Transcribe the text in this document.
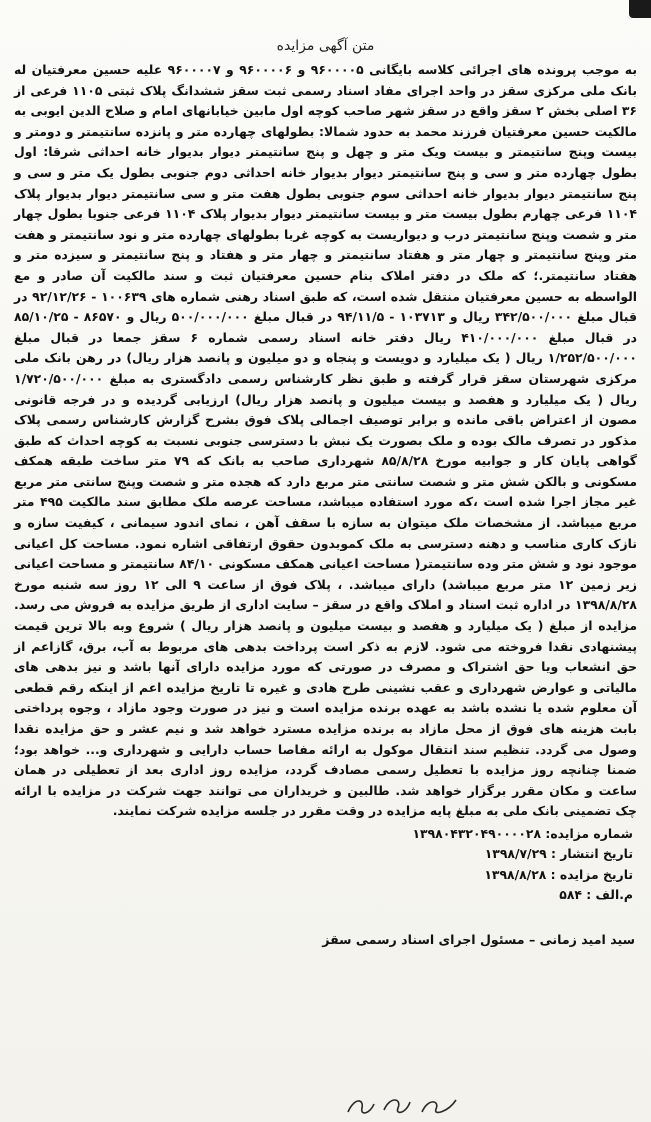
متن آگهی مزایده

به موجب پرونده های اجرائی کلاسه بایگانی ۹۶۰۰۰۰۵ و ۹۶۰۰۰۰۶ و ۹۶۰۰۰۰۷ علیه حسین معرفتیان له بانک ملی مرکزی سقز در واحد اجرای مفاد اسناد رسمی ثبت سقز ششدانگ پلاک ثبتی ۱۱۰۵ فرعی از ۳۶ اصلی بخش ۲ سقز واقع در سقز شهر صاحب کوچه اول مابین خیابانهای امام و صلاح الدین ایوبی به مالکیت حسین معرفتیان فرزند محمد به حدود شمالا: بطولهای چهارده متر و پانزده سانتیمتر و دومتر و بیست وپنج سانتیمتر و بیست ویک متر و چهل و پنج سانتیمتر دیوار بدیوار خانه احداثی شرقا: اول بطول چهارده متر و سی و پنج سانتیمتر دیوار بدیوار خانه احداثی دوم جنوبی بطول یک متر و سی و پنج سانتیمتر دیوار بدیوار خانه احداثی سوم جنوبی بطول هفت متر و سی سانتیمتر دیوار بدیوار پلاک ۱۱۰۴ فرعی چهارم بطول بیست متر و بیست سانتیمتر دیوار بدیوار پلاک ۱۱۰۴ فرعی جنوبا بطول چهار متر و شصت وپنج سانتیمتر درب و دیواریست به کوچه غربا بطولهای چهارده متر و نود سانتیمتر و هفت متر وپنج سانتیمتر و چهار متر و هفتاد سانتیمتر و چهار متر و هفتاد و پنج سانتیمتر و سیزده متر و هفتاد سانتیمتر.؛ که ملک در دفتر املاک بنام حسین معرفتیان ثبت و سند مالکیت آن صادر و مع الواسطه به حسین معرفتیان منتقل شده است، که طبق اسناد رهنی شماره های ۱۰۰۶۳۹ - ۹۲/۱۲/۲۶ در قبال مبلغ ۳۴۲/۵۰۰/۰۰۰ ریال و ۱۰۳۷۱۳ - ۹۴/۱۱/۵ در قبال مبلغ ۵۰۰/۰۰۰/۰۰۰ ریال و ۸۶۵۷۰ - ۸۵/۱۰/۲۵ در قبال مبلغ ۴۱۰/۰۰۰/۰۰۰ ریال دفتر خانه اسناد رسمی شماره ۶ سقز جمعا در قبال مبلغ ۱/۲۵۲/۵۰۰/۰۰۰ ریال ( یک میلیارد و دویست و پنجاه و دو میلیون و پانصد هزار ریال) در رهن بانک ملی مرکزی شهرستان سقز قرار گرفته و طبق نظر کارشناس رسمی دادگستری به مبلغ ۱/۷۲۰/۵۰۰/۰۰۰ ریال ( یک میلیارد و هفصد و بیست میلیون و پانصد هزار ریال) ارزیابی گردیده و در فرجه قانونی مصون از اعتراض باقی مانده و برابر توصیف اجمالی پلاک فوق بشرح گزارش کارشناس رسمی پلاک مذکور در تصرف مالک بوده و ملک بصورت یک نبش با دسترسی جنوبی نسبت به کوچه احداث که طبق گواهی پایان کار و جوابیه مورخ ۸۵/۸/۲۸ شهرداری صاحب به بانک که ۷۹ متر ساخت طبقه همکف مسکونی و بالکن شش متر و شصت سانتی متر مربع دارد که هجده متر و شصت وپنج سانتی متر مربع غیر مجاز اجرا شده است ،که مورد استفاده میباشد، مساحت عرصه ملک مطابق سند مالکیت ۴۹۵ متر مربع میباشد. از مشخصات ملک میتوان به سازه با سقف آهن ، نمای اندود سیمانی ، کیفیت سازه و نازک کاری مناسب و دهنه دسترسی به ملک کموبدون حقوق ارتفاقی اشاره نمود. مساحت کل اعیانی موجود نود و شش متر وده سانتیمتر( مساحت اعیانی همکف مسکونی ۸۴/۱۰ سانتیمتر و مساحت اعیانی زیر زمین ۱۲ متر مربع میباشد) دارای میباشد. ، پلاک فوق از ساعت ۹ الی ۱۲ روز سه شنبه مورخ ۱۳۹۸/۸/۲۸ در اداره ثبت اسناد و املاک واقع در سقز – سایت اداری از طریق مزایده به فروش می رسد. مزایده از مبلغ ( یک میلیارد و هفصد و بیست میلیون و پانصد هزار ریال ) شروع وبه بالا ترین قیمت پیشنهادی نقدا فروخته می شود. لازم به ذکر است پرداخت بدهی های مربوط به آب، برق، گازاعم از حق انشعاب ویا حق اشتراک و مصرف در صورتی که مورد مزایده دارای آنها باشد و نیز بدهی های مالیاتی و عوارض شهرداری و عقب نشینی طرح هادی و غیره تا تاریخ مزایده اعم از اینکه رقم قطعی آن معلوم شده یا نشده باشد به عهده برنده مزایده است و نیز در صورت وجود مازاد ، وجوه پرداختی بابت هزینه های فوق از محل مازاد به برنده مزایده مسترد خواهد شد و نیم عشر و حق مزایده نقدا وصول می گردد. تنظیم سند انتقال موکول به ارائه مفاصا حساب دارایی و شهرداری و... خواهد بود؛ ضمنا چنانچه روز مزایده با تعطیل رسمی مصادف گردد، مزایده روز اداری بعد از تعطیلی در همان ساعت و مکان مقرر برگزار خواهد شد. طالبین و خریداران می توانند جهت شرکت در مزایده با ارائه چک تضمینی بانک ملی به مبلغ پایه مزایده در وقت مقرر در جلسه مزایده شرکت نمایند.

شماره مزایده: ۱۳۹۸۰۴۳۲۰۴۹۰۰۰۰۲۸
تاریخ انتشار : ۱۳۹۸/۷/۲۹
تاریخ مزایده : ۱۳۹۸/۸/۲۸
م.الف : ۵۸۴
سید امید زمانی – مسئول اجرای اسناد رسمی سقز
